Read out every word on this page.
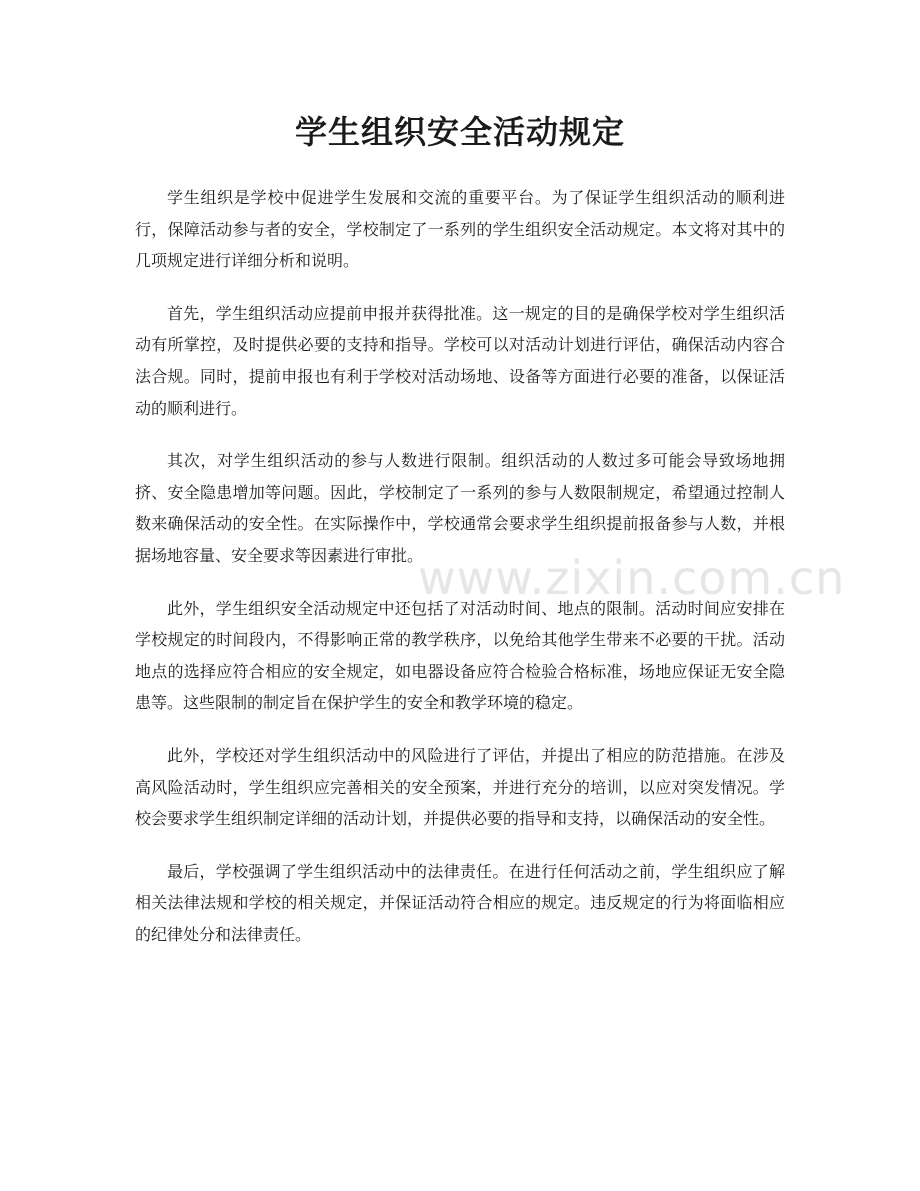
学生组织安全活动规定

学生组织是学校中促进学生发展和交流的重要平台。为了保证学生组织活动的顺利进行，保障活动参与者的安全，学校制定了一系列的学生组织安全活动规定。本文将对其中的几项规定进行详细分析和说明。

首先，学生组织活动应提前申报并获得批准。这一规定的目的是确保学校对学生组织活动有所掌控，及时提供必要的支持和指导。学校可以对活动计划进行评估，确保活动内容合法合规。同时，提前申报也有利于学校对活动场地、设备等方面进行必要的准备，以保证活动的顺利进行。

其次，对学生组织活动的参与人数进行限制。组织活动的人数过多可能会导致场地拥挤、安全隐患增加等问题。因此，学校制定了一系列的参与人数限制规定，希望通过控制人数来确保活动的安全性。在实际操作中，学校通常会要求学生组织提前报备参与人数，并根据场地容量、安全要求等因素进行审批。

此外，学生组织安全活动规定中还包括了对活动时间、地点的限制。活动时间应安排在学校规定的时间段内，不得影响正常的教学秩序，以免给其他学生带来不必要的干扰。活动地点的选择应符合相应的安全规定，如电器设备应符合检验合格标准，场地应保证无安全隐患等。这些限制的制定旨在保护学生的安全和教学环境的稳定。

此外，学校还对学生组织活动中的风险进行了评估，并提出了相应的防范措施。在涉及高风险活动时，学生组织应完善相关的安全预案，并进行充分的培训，以应对突发情况。学校会要求学生组织制定详细的活动计划，并提供必要的指导和支持，以确保活动的安全性。

最后，学校强调了学生组织活动中的法律责任。在进行任何活动之前，学生组织应了解相关法律法规和学校的相关规定，并保证活动符合相应的规定。违反规定的行为将面临相应的纪律处分和法律责任。

www.zixin.com.cn
